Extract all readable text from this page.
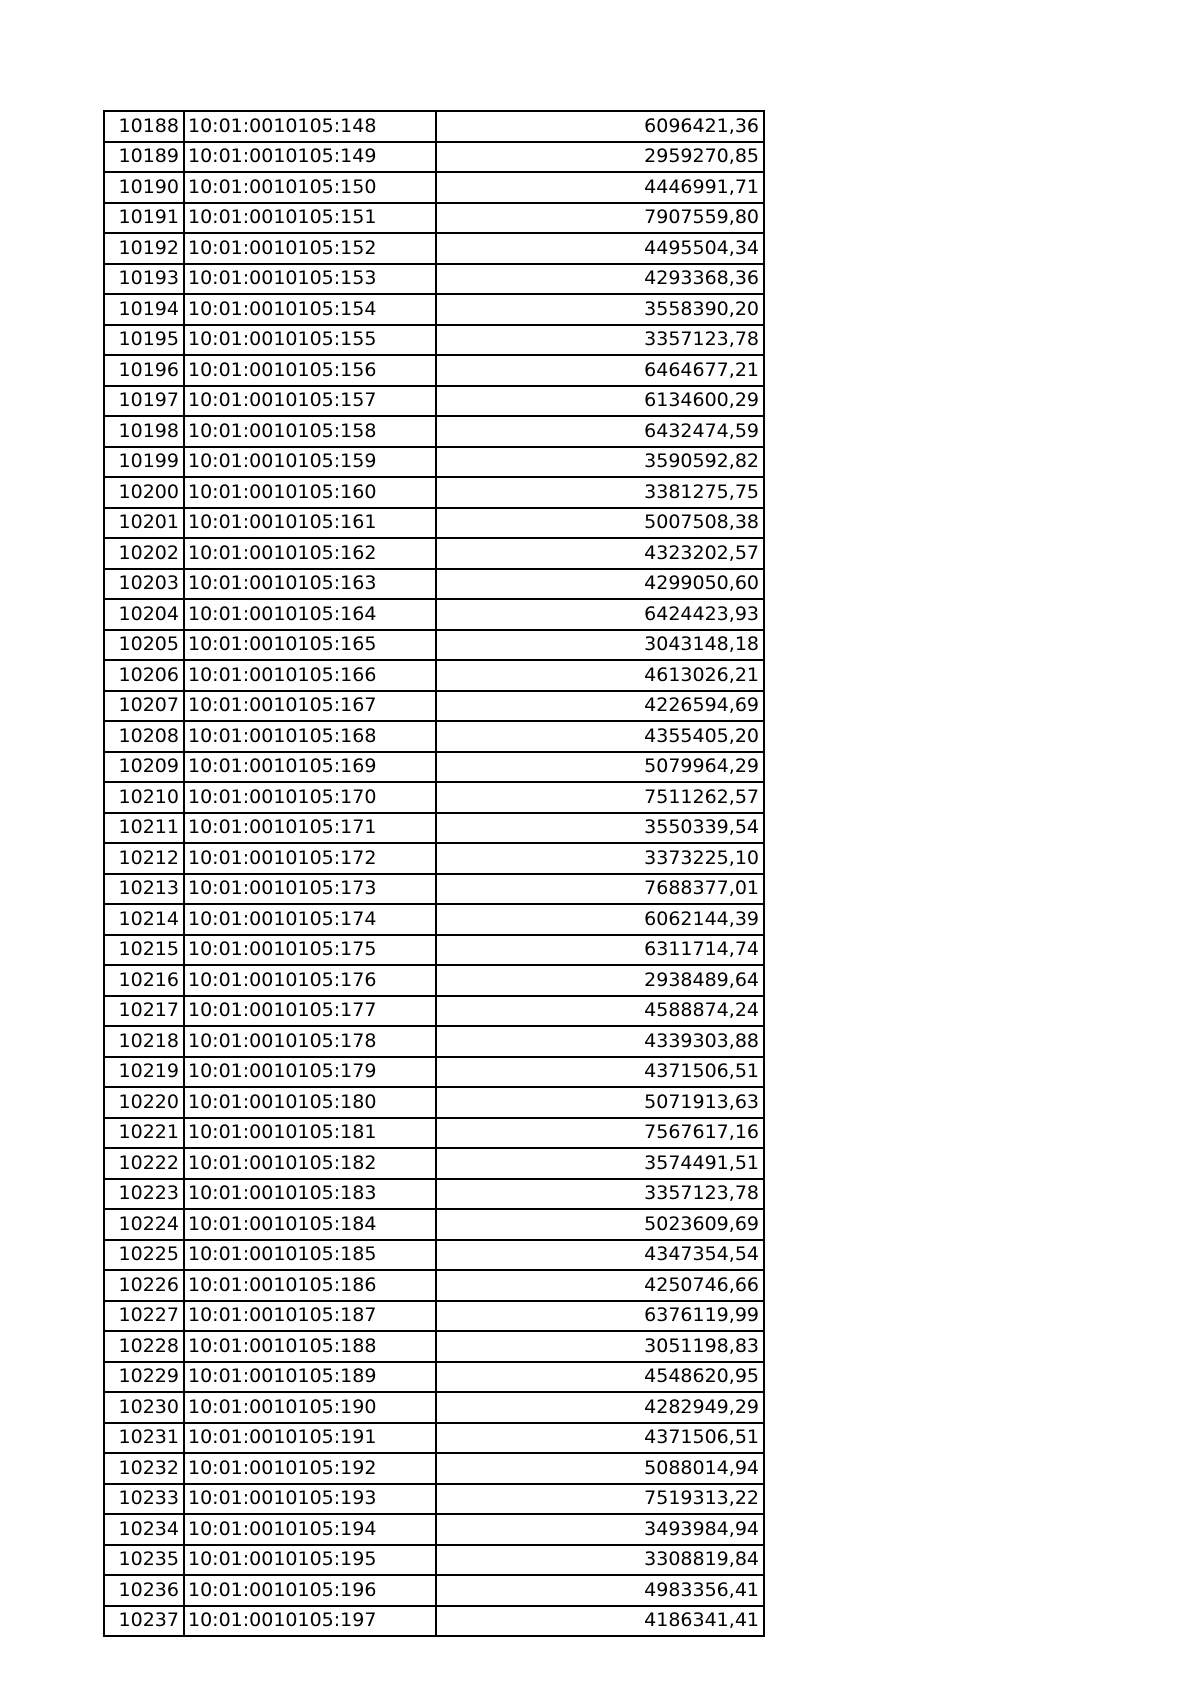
10188	10:01:0010105:148	6096421,36
10189	10:01:0010105:149	2959270,85
10190	10:01:0010105:150	4446991,71
10191	10:01:0010105:151	7907559,80
10192	10:01:0010105:152	4495504,34
10193	10:01:0010105:153	4293368,36
10194	10:01:0010105:154	3558390,20
10195	10:01:0010105:155	3357123,78
10196	10:01:0010105:156	6464677,21
10197	10:01:0010105:157	6134600,29
10198	10:01:0010105:158	6432474,59
10199	10:01:0010105:159	3590592,82
10200	10:01:0010105:160	3381275,75
10201	10:01:0010105:161	5007508,38
10202	10:01:0010105:162	4323202,57
10203	10:01:0010105:163	4299050,60
10204	10:01:0010105:164	6424423,93
10205	10:01:0010105:165	3043148,18
10206	10:01:0010105:166	4613026,21
10207	10:01:0010105:167	4226594,69
10208	10:01:0010105:168	4355405,20
10209	10:01:0010105:169	5079964,29
10210	10:01:0010105:170	7511262,57
10211	10:01:0010105:171	3550339,54
10212	10:01:0010105:172	3373225,10
10213	10:01:0010105:173	7688377,01
10214	10:01:0010105:174	6062144,39
10215	10:01:0010105:175	6311714,74
10216	10:01:0010105:176	2938489,64
10217	10:01:0010105:177	4588874,24
10218	10:01:0010105:178	4339303,88
10219	10:01:0010105:179	4371506,51
10220	10:01:0010105:180	5071913,63
10221	10:01:0010105:181	7567617,16
10222	10:01:0010105:182	3574491,51
10223	10:01:0010105:183	3357123,78
10224	10:01:0010105:184	5023609,69
10225	10:01:0010105:185	4347354,54
10226	10:01:0010105:186	4250746,66
10227	10:01:0010105:187	6376119,99
10228	10:01:0010105:188	3051198,83
10229	10:01:0010105:189	4548620,95
10230	10:01:0010105:190	4282949,29
10231	10:01:0010105:191	4371506,51
10232	10:01:0010105:192	5088014,94
10233	10:01:0010105:193	7519313,22
10234	10:01:0010105:194	3493984,94
10235	10:01:0010105:195	3308819,84
10236	10:01:0010105:196	4983356,41
10237	10:01:0010105:197	4186341,41
